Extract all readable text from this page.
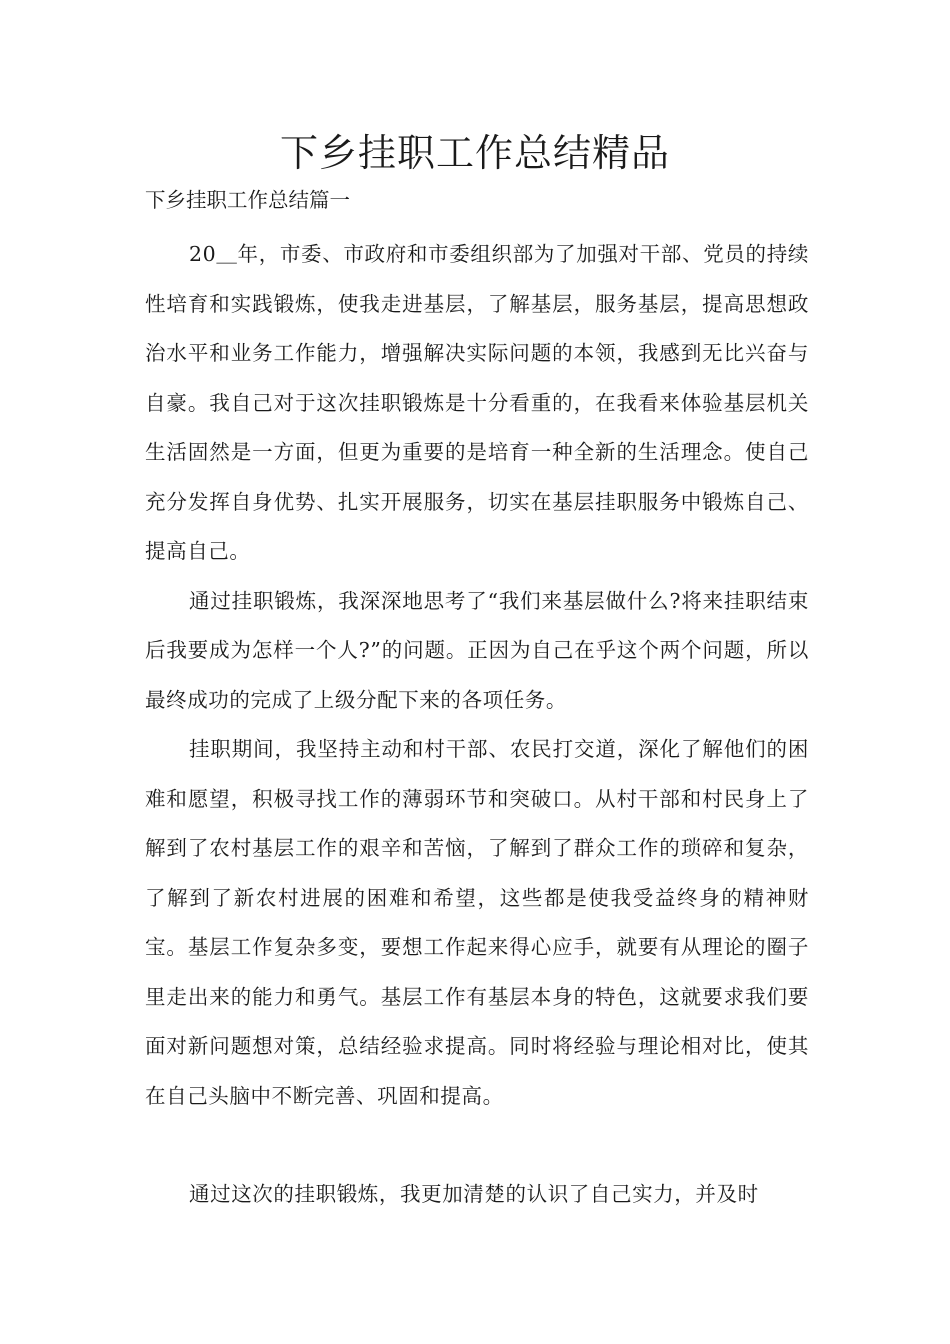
下乡挂职工作总结精品

下乡挂职工作总结篇一

20＿年，市委、市政府和市委组织部为了加强对干部、党员的持续性培育和实践锻炼，使我走进基层，了解基层，服务基层，提高思想政治水平和业务工作能力，增强解决实际问题的本领，我感到无比兴奋与自豪。我自己对于这次挂职锻炼是十分看重的，在我看来体验基层机关生活固然是一方面，但更为重要的是培育一种全新的生活理念。使自己充分发挥自身优势、扎实开展服务，切实在基层挂职服务中锻炼自己、提高自己。

通过挂职锻炼，我深深地思考了“我们来基层做什么?将来挂职结束后我要成为怎样一个人?”的问题。正因为自己在乎这个两个问题，所以最终成功的完成了上级分配下来的各项任务。

挂职期间，我坚持主动和村干部、农民打交道，深化了解他们的困难和愿望，积极寻找工作的薄弱环节和突破口。从村干部和村民身上了解到了农村基层工作的艰辛和苦恼，了解到了群众工作的琐碎和复杂，了解到了新农村进展的困难和希望，这些都是使我受益终身的精神财宝。基层工作复杂多变，要想工作起来得心应手，就要有从理论的圈子里走出来的能力和勇气。基层工作有基层本身的特色，这就要求我们要面对新问题想对策，总结经验求提高。同时将经验与理论相对比，使其在自己头脑中不断完善、巩固和提高。

通过这次的挂职锻炼，我更加清楚的认识了自己实力，并及时
